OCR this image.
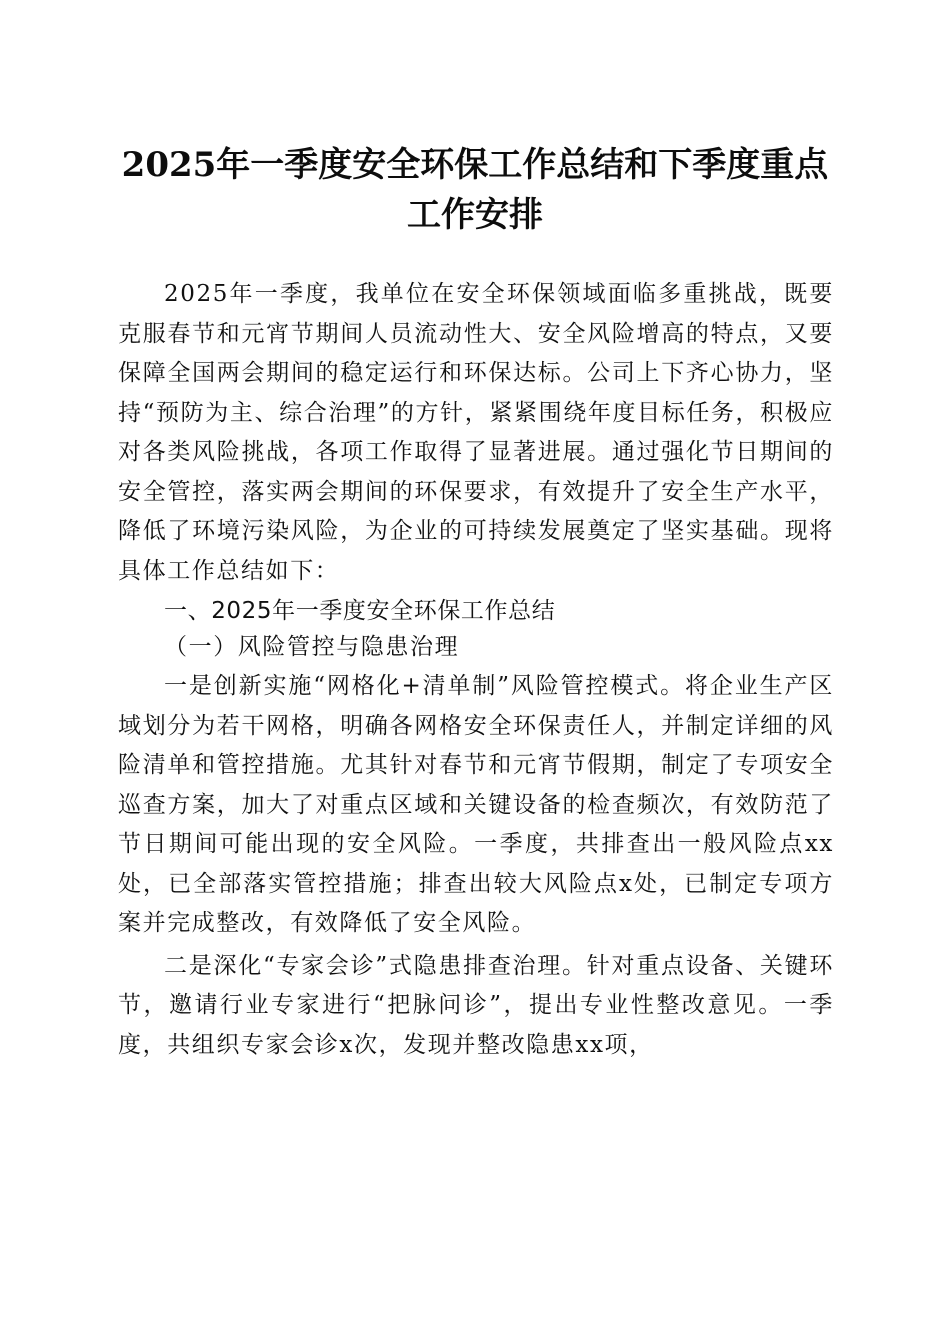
2025年一季度安全环保工作总结和下季度重点工作安排

2025年一季度，我单位在安全环保领域面临多重挑战，既要克服春节和元宵节期间人员流动性大、安全风险增高的特点，又要保障全国两会期间的稳定运行和环保达标。公司上下齐心协力，坚持“预防为主、综合治理”的方针，紧紧围绕年度目标任务，积极应对各类风险挑战，各项工作取得了显著进展。通过强化节日期间的安全管控，落实两会期间的环保要求，有效提升了安全生产水平，降低了环境污染风险，为企业的可持续发展奠定了坚实基础。现将具体工作总结如下：

一、2025年一季度安全环保工作总结

（一）风险管控与隐患治理

一是创新实施“网格化+清单制”风险管控模式。将企业生产区域划分为若干网格，明确各网格安全环保责任人，并制定详细的风险清单和管控措施。尤其针对春节和元宵节假期，制定了专项安全巡查方案，加大了对重点区域和关键设备的检查频次，有效防范了节日期间可能出现的安全风险。一季度，共排查出一般风险点xx处，已全部落实管控措施；排查出较大风险点x处，已制定专项方案并完成整改，有效降低了安全风险。

二是深化“专家会诊”式隐患排查治理。针对重点设备、关键环节，邀请行业专家进行“把脉问诊”，提出专业性整改意见。一季度，共组织专家会诊x次，发现并整改隐患xx项，
